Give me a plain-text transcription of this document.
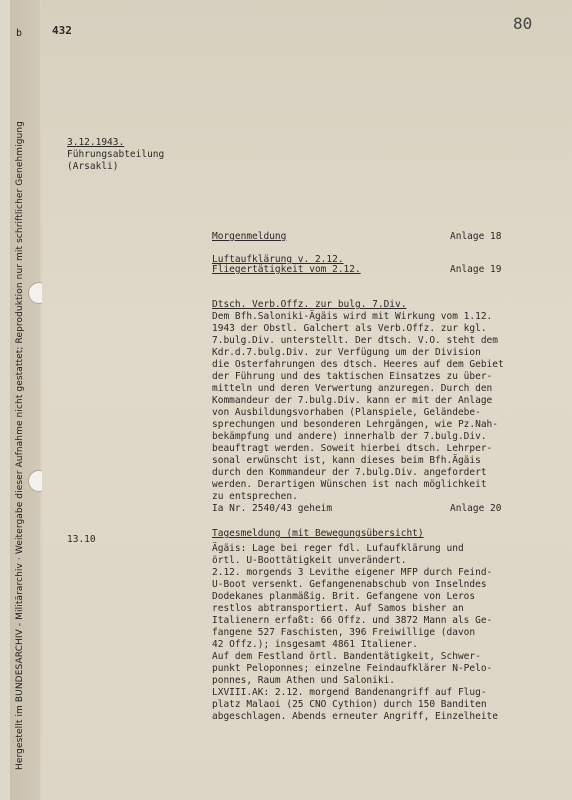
b
Hergestellt im BUNDESARCHIV - Militärarchiv · Weitergabe dieser Aufnahme nicht gestattet; Reproduktion nur mit schriftlicher Genehmigung
432	80
3.12.1943.
Führungsabteilung
(Arsakli)
Morgenmeldung	Anlage 18
Luftaufklärung v. 2.12.
Fliegertätigkeit vom 2.12.	Anlage 19
Dtsch. Verb.Offz. zur bulg. 7.Div.
Dem Bfh.Saloniki-Ägäis wird mit Wirkung vom 1.12.
1943 der Obstl. Galchert als Verb.Offz. zur kgl.
7.bulg.Div. unterstellt. Der dtsch. V.O. steht dem
Kdr.d.7.bulg.Div. zur Verfügung um der Division
die Osterfahrungen des dtsch. Heeres auf dem Gebiet
der Führung und des taktischen Einsatzes zu über-
mitteln und deren Verwertung anzuregen. Durch den
Kommandeur der 7.bulg.Div. kann er mit der Anlage
von Ausbildungsvorhaben (Planspiele, Geländebe-
sprechungen und besonderen Lehrgängen, wie Pz.Nah-
bekämpfung und andere) innerhalb der 7.bulg.Div.
beauftragt werden. Soweit hierbei dtsch. Lehrper-
sonal erwünscht ist, kann dieses beim Bfh.Ägäis
durch den Kommandeur der 7.bulg.Div. angefordert
werden. Derartigen Wünschen ist nach möglichkeit
zu entsprechen.
Ia Nr. 2540/43 geheim	Anlage 20
13.10
Tagesmeldung (mit Bewegungsübersicht)
Ägäis: Lage bei reger fdl. Lufaufklärung und
örtl. U-Boottätigkeit unverändert.
2.12. morgends 3 Levithe eigener MFP durch Feind-
U-Boot versenkt. Gefangenenabschub von Inselndes
Dodekanes planmäßig. Brit. Gefangene von Leros
restlos abtransportiert. Auf Samos bisher an
Italienern erfaßt: 66 Offz. und 3872 Mann als Ge-
fangene 527 Faschisten, 396 Freiwillige (davon
42 Offz.); insgesamt 4861 Italiener.
Auf dem Festland örtl. Bandentätigkeit, Schwer-
punkt Peloponnes; einzelne Feindaufklärer N-Pelo-
ponnes, Raum Athen und Saloniki.
LXVIII.AK: 2.12. morgend Bandenangriff auf Flug-
platz Malaoi (25 CNO Cythion) durch 150 Banditen
abgeschlagen. Abends erneuter Angriff, Einzelheite
